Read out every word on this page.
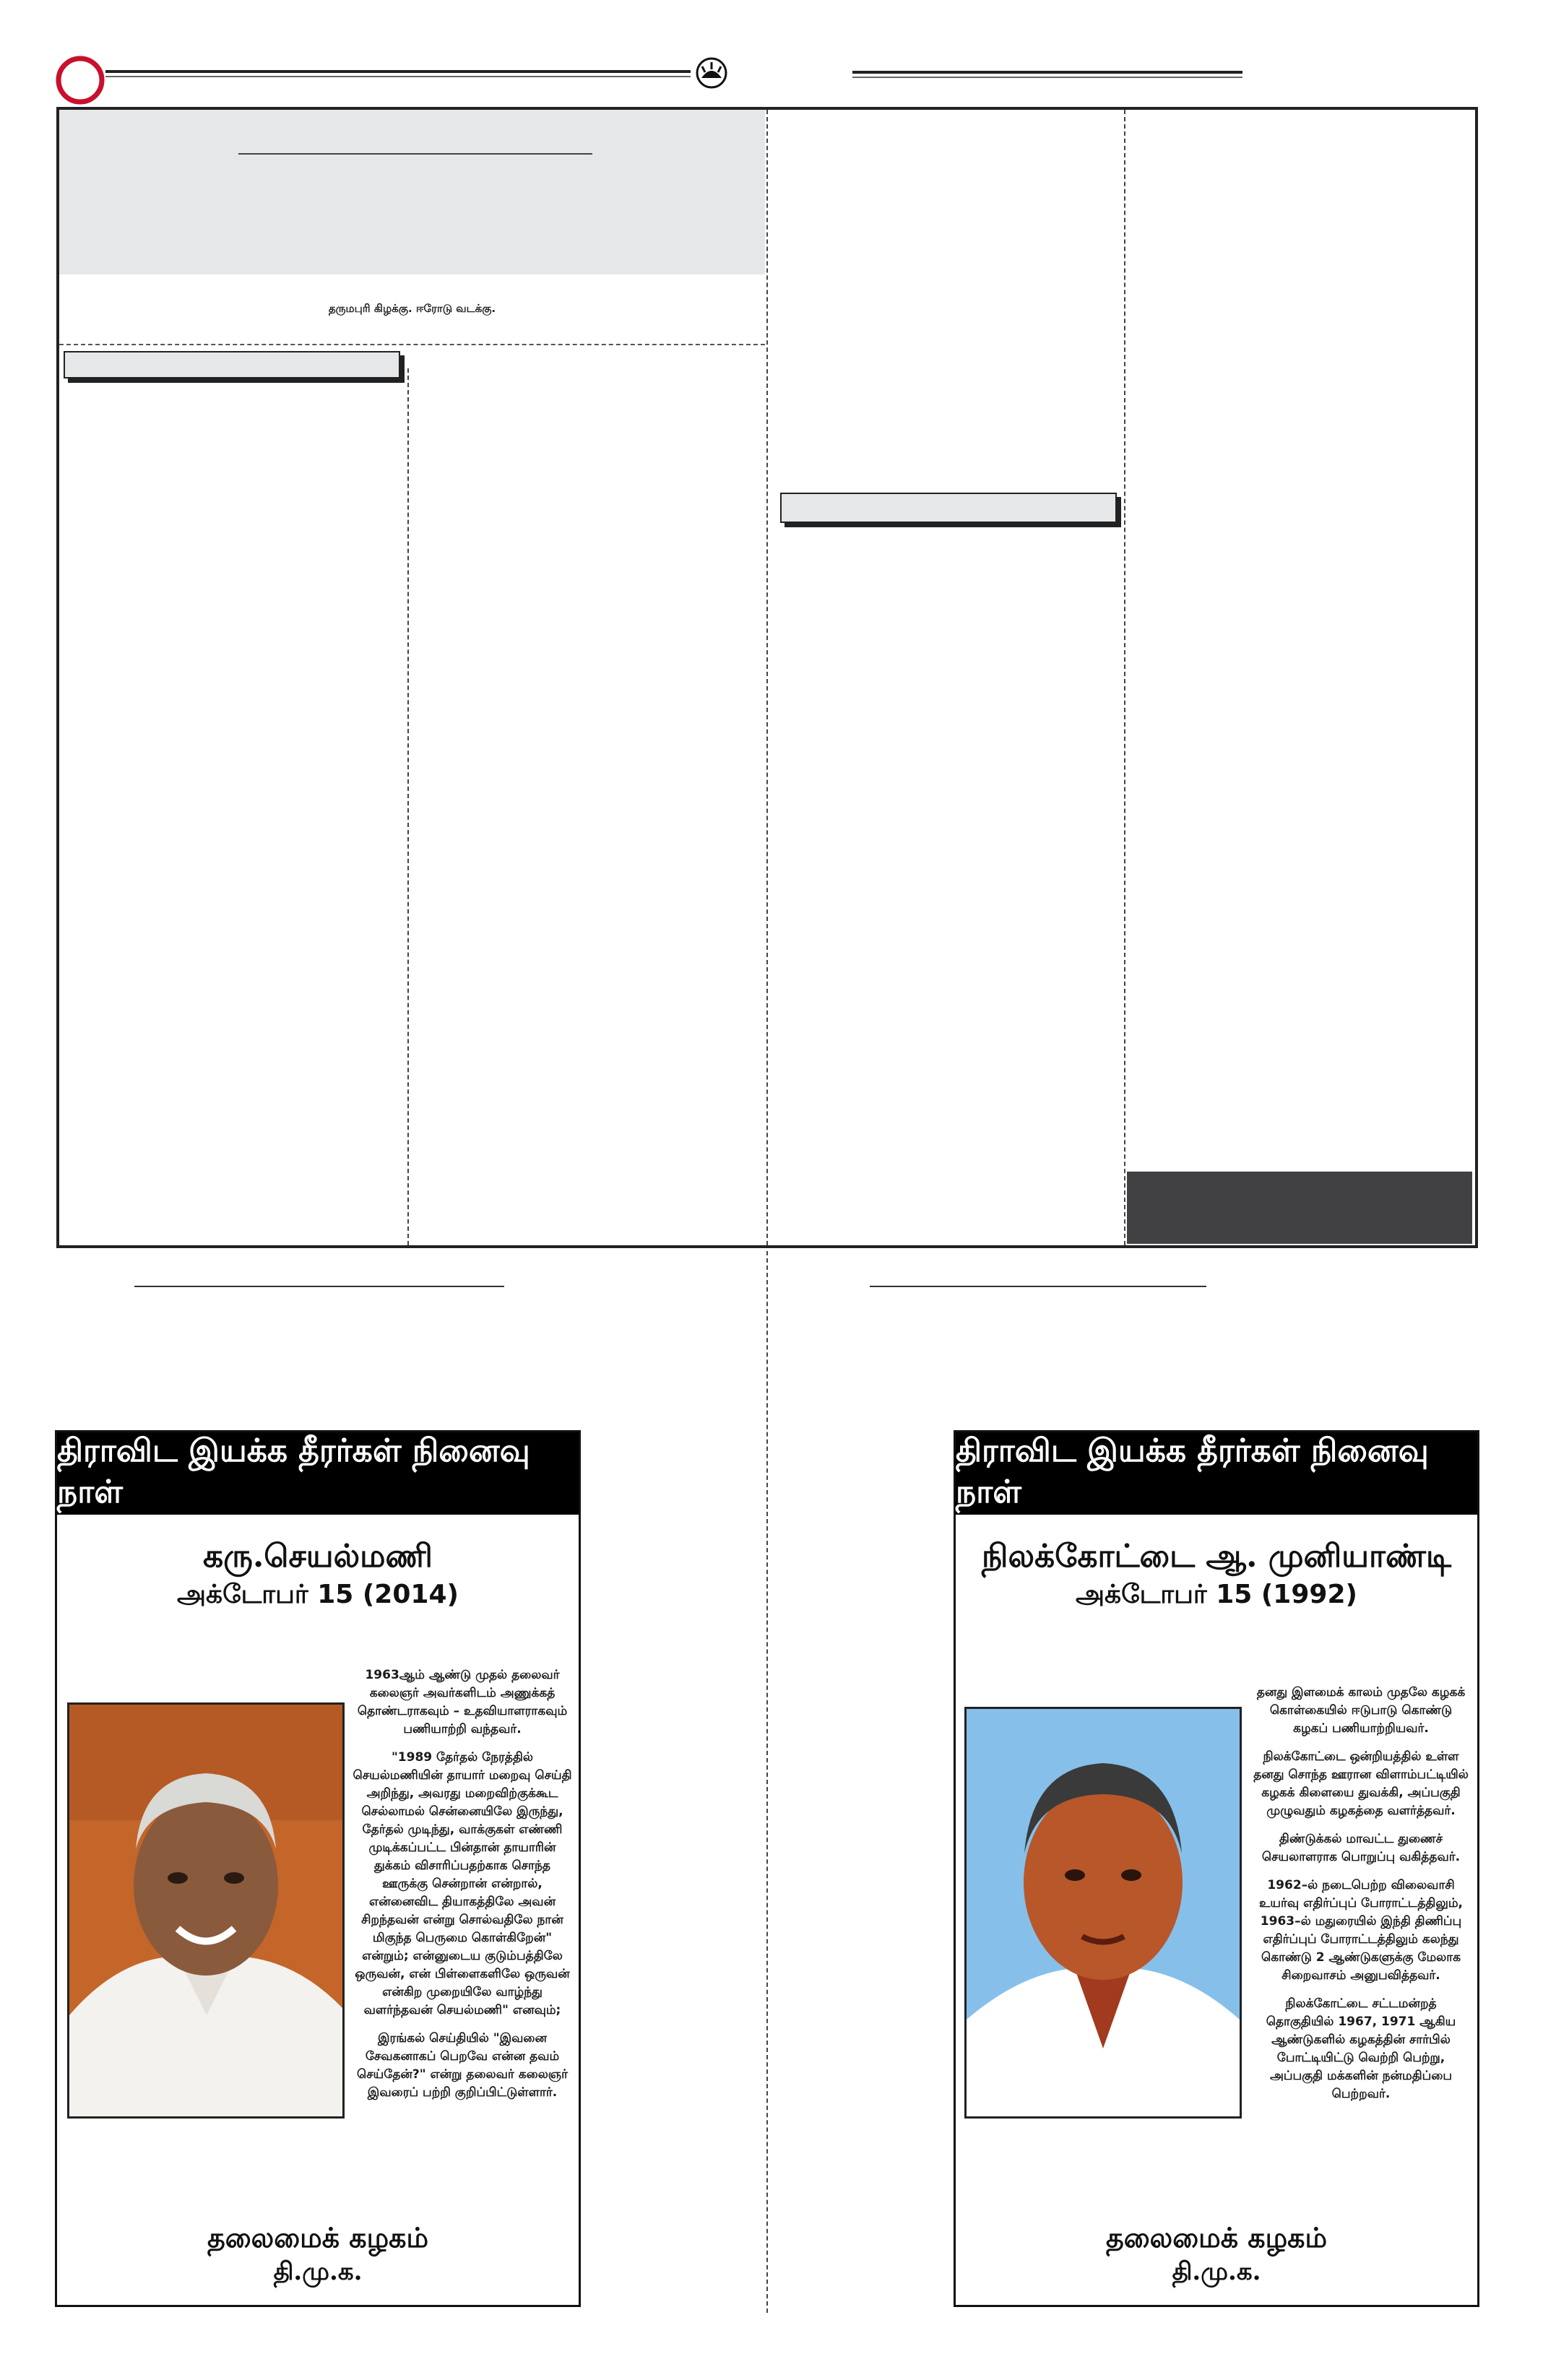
தருமபுரி கிழக்கு. ஈரோடு வடக்கு.
திராவிட இயக்க தீரர்கள் நினைவு நாள்
கரு.செயல்மணி
அக்டோபர் 15 (2014)

1963ஆம் ஆண்டு முதல் தலைவர் கலைஞர் அவர்களிடம் அணுக்கத் தொண்டராகவும் – உதவியாளராகவும் பணியாற்றி வந்தவர்.

"1989 தேர்தல் நேரத்தில் செயல்மணியின் தாயார் மறைவு செய்தி அறிந்து, அவரது மறைவிற்குக்கூட செல்லாமல் சென்னையிலே இருந்து, தேர்தல் முடிந்து, வாக்குகள் எண்ணி முடிக்கப்பட்ட பின்தான் தாயாரின் துக்கம் விசாரிப்பதற்காக சொந்த ஊருக்கு சென்றான் என்றால், என்னைவிட தியாகத்திலே அவன் சிறந்தவன் என்று சொல்வதிலே நான் மிகுந்த பெருமை கொள்கிறேன்" என்றும்; என்னுடைய குடும்பத்திலே ஒருவன், என் பிள்ளைகளிலே ஒருவன் என்கிற முறையிலே வாழ்ந்து வளர்ந்தவன் செயல்மணி" எனவும்;

இரங்கல் செய்தியில் "இவனை சேவகனாகப் பெறவே என்ன தவம் செய்தேன்?" என்று தலைவர் கலைஞர் இவரைப் பற்றி குறிப்பிட்டுள்ளார்.

தலைமைக் கழகம்
தி.மு.க.
திராவிட இயக்க தீரர்கள் நினைவு நாள்
நிலக்கோட்டை ஆ. முனியாண்டி
அக்டோபர் 15 (1992)

தனது இளமைக் காலம் முதலே கழகக் கொள்கையில் ஈடுபாடு கொண்டு கழகப் பணியாற்றியவர்.

நிலக்கோட்டை ஒன்றியத்தில் உள்ள தனது சொந்த ஊரான விளாம்பட்டியில் கழகக் கிளையை துவக்கி, அப்பகுதி முழுவதும் கழகத்தை வளர்த்தவர்.

திண்டுக்கல் மாவட்ட துணைச் செயலாளராக பொறுப்பு வகித்தவர்.

1962–ல் நடைபெற்ற விலைவாசி உயர்வு எதிர்ப்புப் போராட்டத்திலும், 1963–ல் மதுரையில் இந்தி திணிப்பு எதிர்ப்புப் போராட்டத்திலும் கலந்து கொண்டு 2 ஆண்டுகளுக்கு மேலாக சிறைவாசம் அனுபவித்தவர்.

நிலக்கோட்டை சட்டமன்றத் தொகுதியில் 1967, 1971 ஆகிய ஆண்டுகளில் கழகத்தின் சார்பில் போட்டியிட்டு வெற்றி பெற்று, அப்பகுதி மக்களின் நன்மதிப்பை பெற்றவர்.

தலைமைக் கழகம்
தி.மு.க.
